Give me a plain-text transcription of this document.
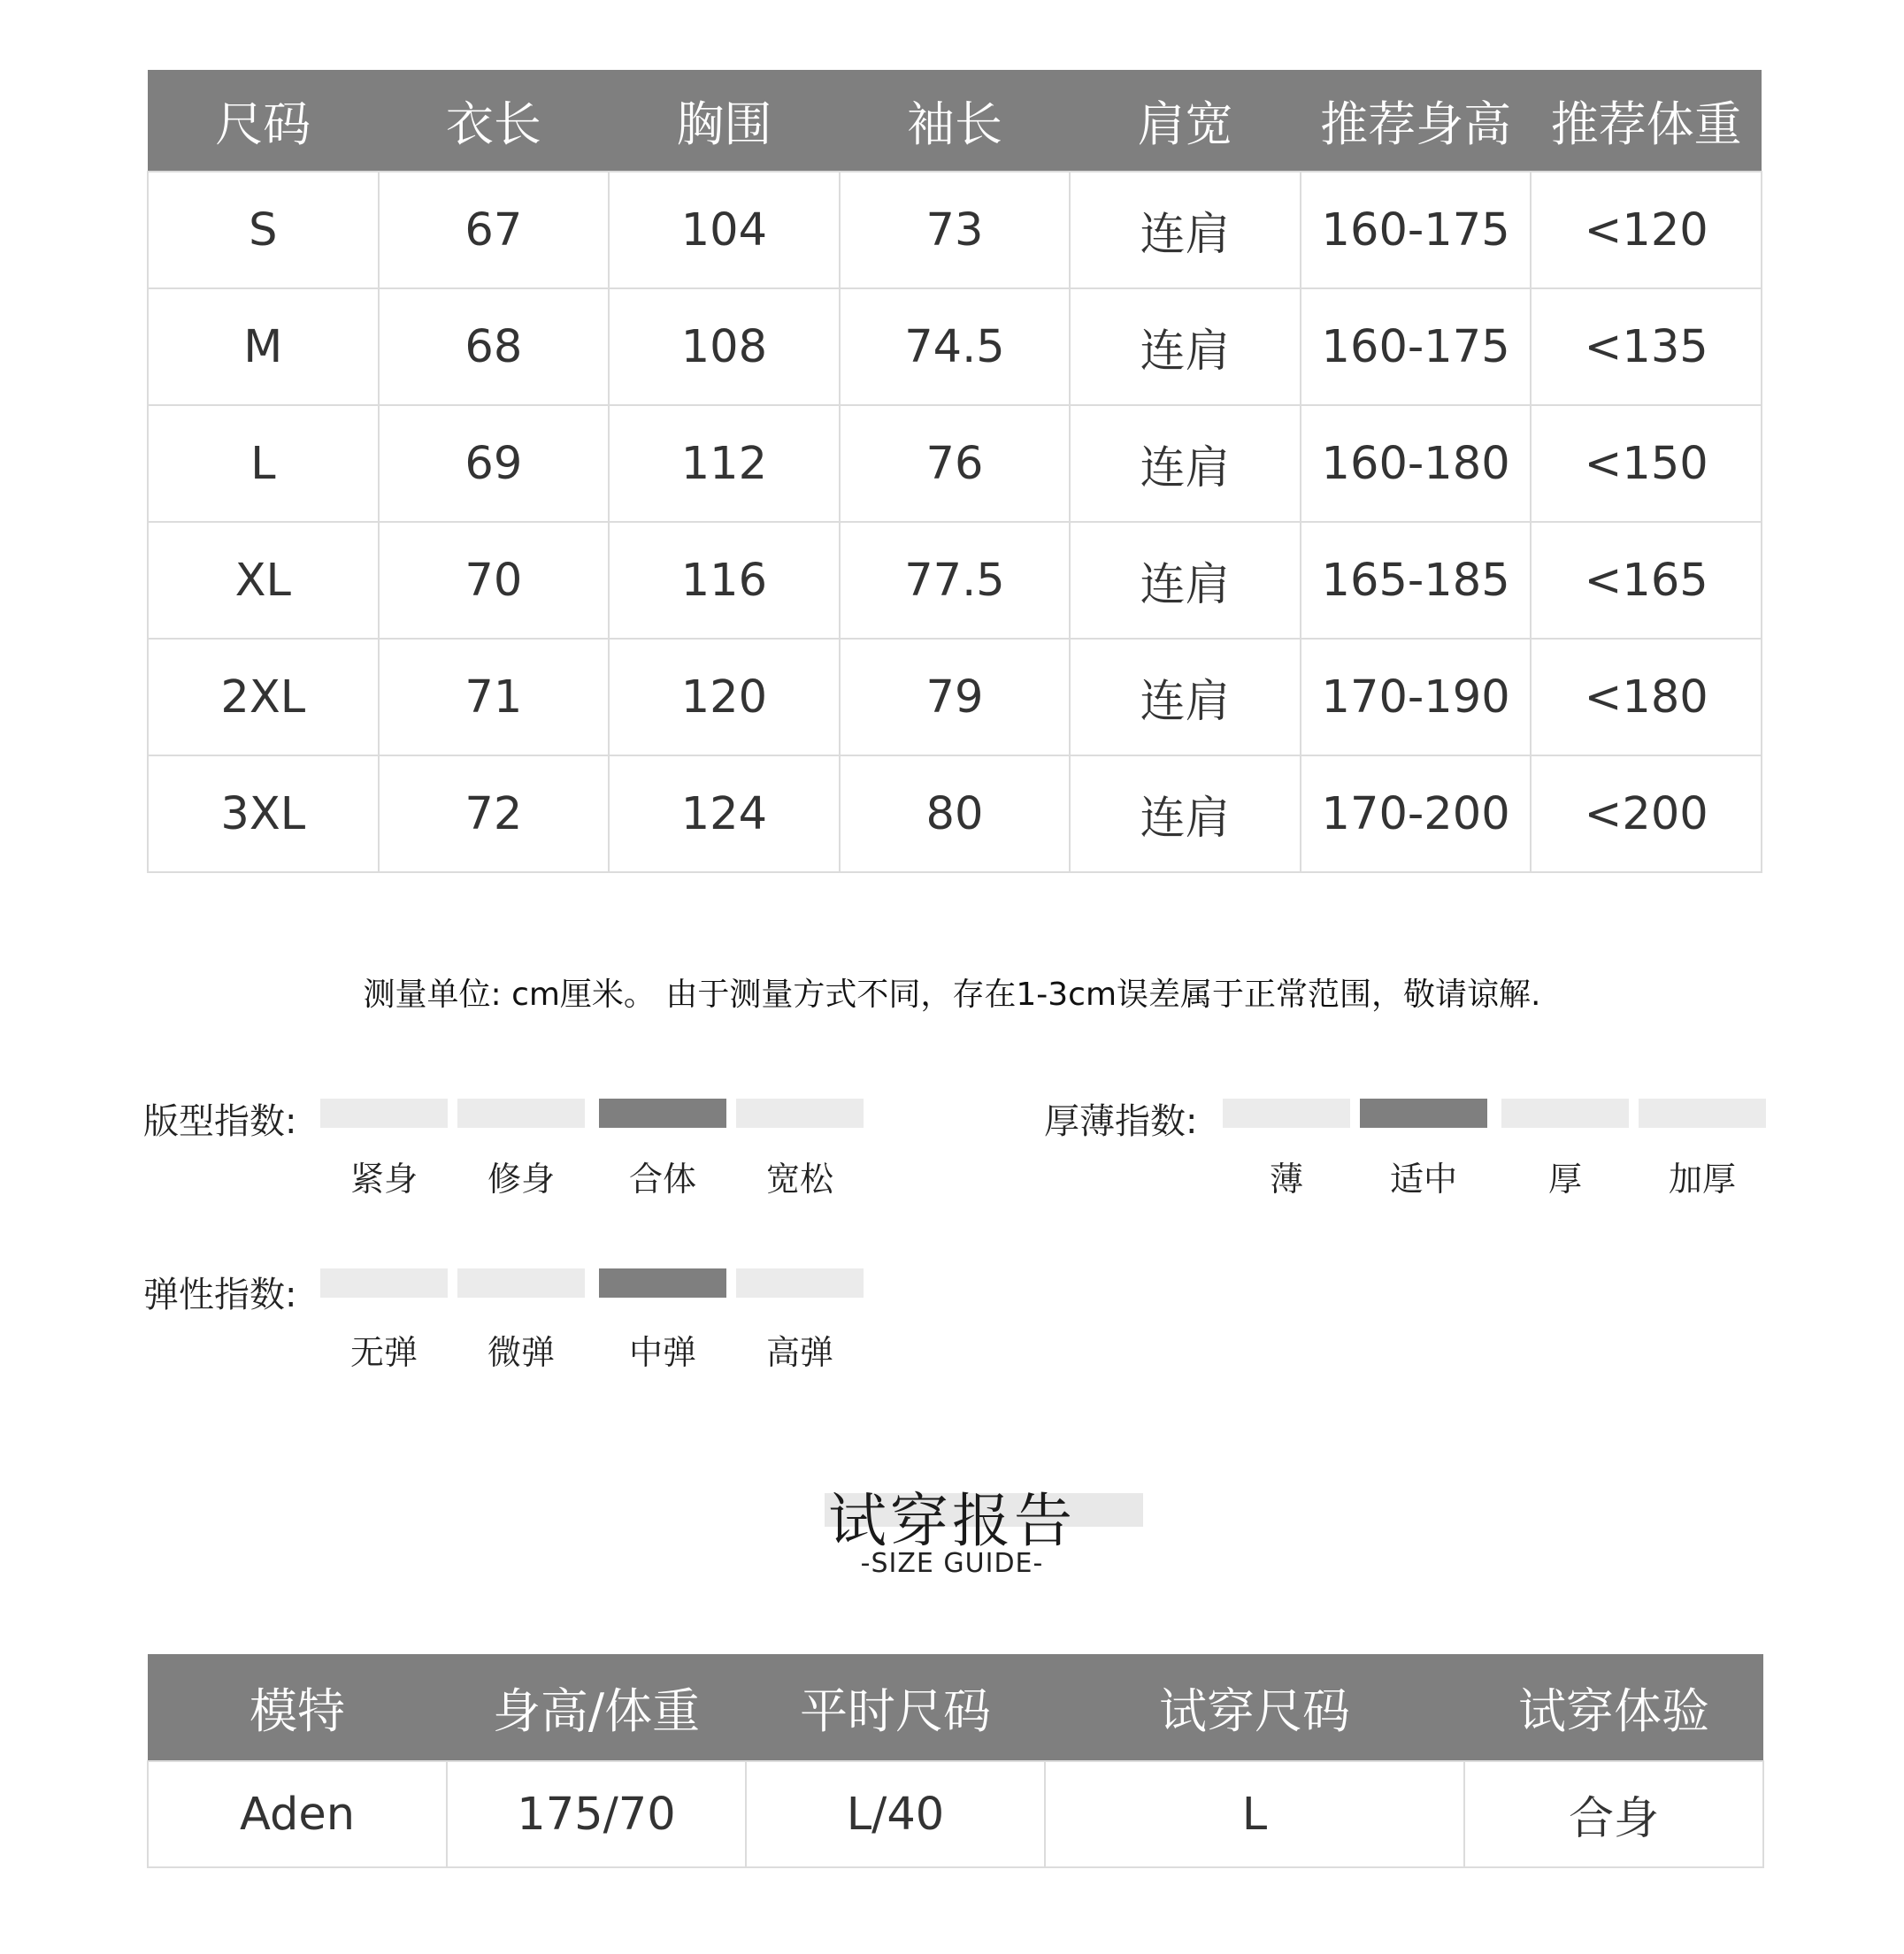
尺码	衣长	胸围	袖长	肩宽	推荐身高	推荐体重
S	67	104	73	连肩	160-175	<120
M	68	108	74.5	连肩	160-175	<135
L	69	112	76	连肩	160-180	<150
XL	70	116	77.5	连肩	165-185	<165
2XL	71	120	79	连肩	170-190	<180
3XL	72	124	80	连肩	170-200	<200
测量单位: cm厘米。 由于测量方式不同，存在1-3cm误差属于正常范围，敬请谅解.
版型指数:
紧身	修身	合体	宽松
厚薄指数:
薄	适中	厚	加厚
弹性指数:
无弹	微弹	中弹	高弹
试穿报告
-SIZE GUIDE-
模特	身高/体重	平时尺码	试穿尺码	试穿体验
Aden	175/70	L/40	L	合身
